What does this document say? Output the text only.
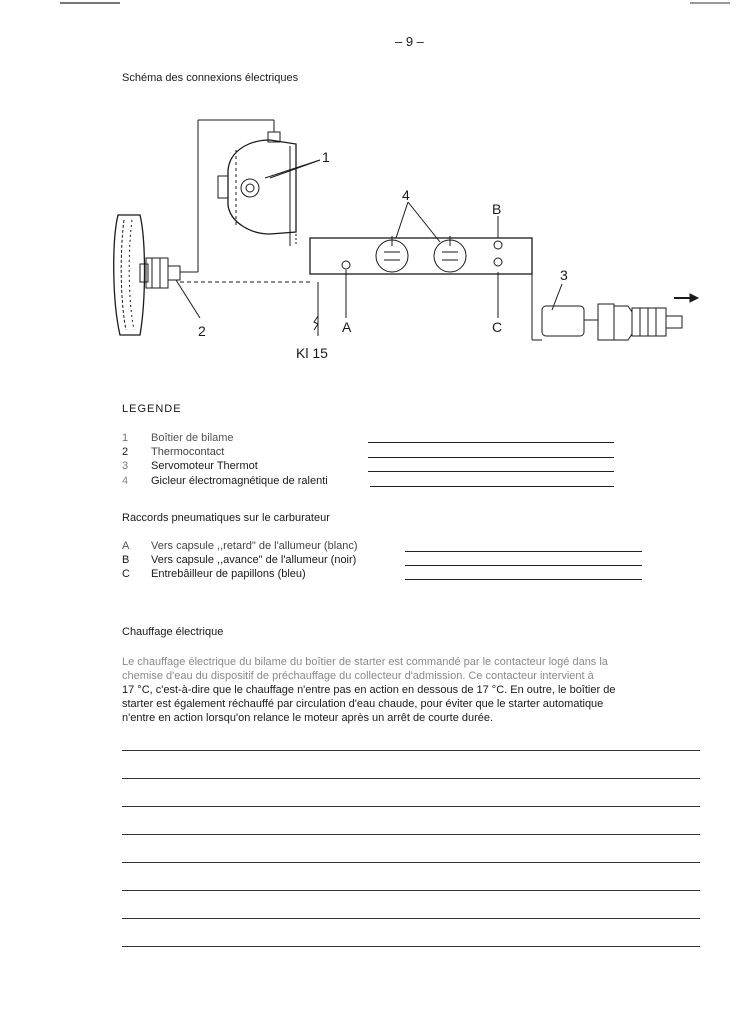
– 9 –
Schéma des connexions électriques
1
2
3
4
A
B
C
Kl 15
LEGENDE
1	Boîtier de bilame
2	Thermocontact
3	Servomoteur Thermot
4	Gicleur électromagnétique de ralenti
Raccords pneumatiques sur le carburateur
A	Vers capsule ,,retard" de l'allumeur (blanc)
B	Vers capsule ,,avance" de l'allumeur (noir)
C	Entrebâilleur de papillons (bleu)
Chauffage électrique
Le chauffage électrique du bilame du boîtier de starter est commandé par le contacteur logé dans la
chemise d'eau du dispositif de préchauffage du collecteur d'admission. Ce contacteur intervient à
17 °C, c'est-à-dire que le chauffage n'entre pas en action en dessous de 17 °C. En outre, le boîtier de
starter est également réchauffé par circulation d'eau chaude, pour éviter que le starter automatique
n'entre en action lorsqu'on relance le moteur après un arrêt de courte durée.
